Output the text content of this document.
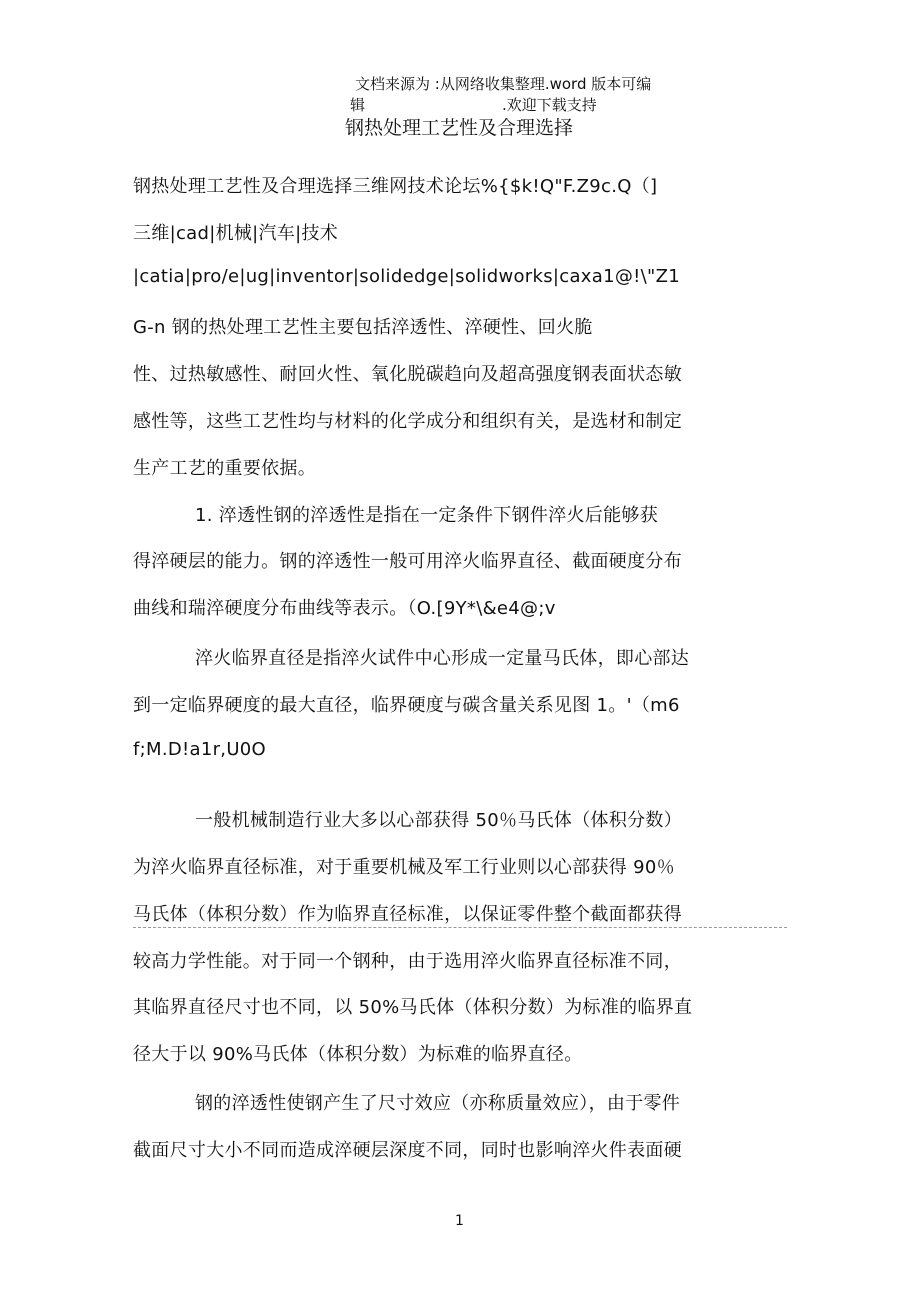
文档来源为 :从网络收集整理.word 版本可编
辑	.欢迎下载支持
钢热处理工艺性及合理选择
钢热处理工艺性及合理选择三维网技术论坛%{$k!Q"F.Z9c.Q（]
三维|cad|机械|汽车|技术
|catia|pro/e|ug|inventor|solidedge|solidworks|caxa1@!\"Z1
G-n 钢的热处理工艺性主要包括淬透性、淬硬性、回火脆
性、过热敏感性、耐回火性、氧化脱碳趋向及超高强度钢表面状态敏
感性等，这些工艺性均与材料的化学成分和组织有关，是选材和制定
生产工艺的重要依据。
1. 淬透性钢的淬透性是指在一定条件下钢件淬火后能够获
得淬硬层的能力。钢的淬透性一般可用淬火临界直径、截面硬度分布
曲线和瑞淬硬度分布曲线等表示。（O.[9Y*\&e4@;v
淬火临界直径是指淬火试件中心形成一定量马氏体，即心部达
到一定临界硬度的最大直径，临界硬度与碳含量关系见图 1。'（m6
f;M.D!a1r,U0O
一般机械制造行业大多以心部获得 50％马氏体（体积分数）
为淬火临界直径标准，对于重要机械及军工行业则以心部获得 90％
马氏体（体积分数）作为临界直径标准，以保证零件整个截面都获得
较高力学性能。对于同一个钢种，由于选用淬火临界直径标准不同，
其临界直径尺寸也不同，以 50%马氏体（体积分数）为标准的临界直
径大于以 90%马氏体（体积分数）为标难的临界直径。
钢的淬透性使钢产生了尺寸效应（亦称质量效应），由于零件
截面尺寸大小不同而造成淬硬层深度不同，同时也影响淬火件表面硬
1
